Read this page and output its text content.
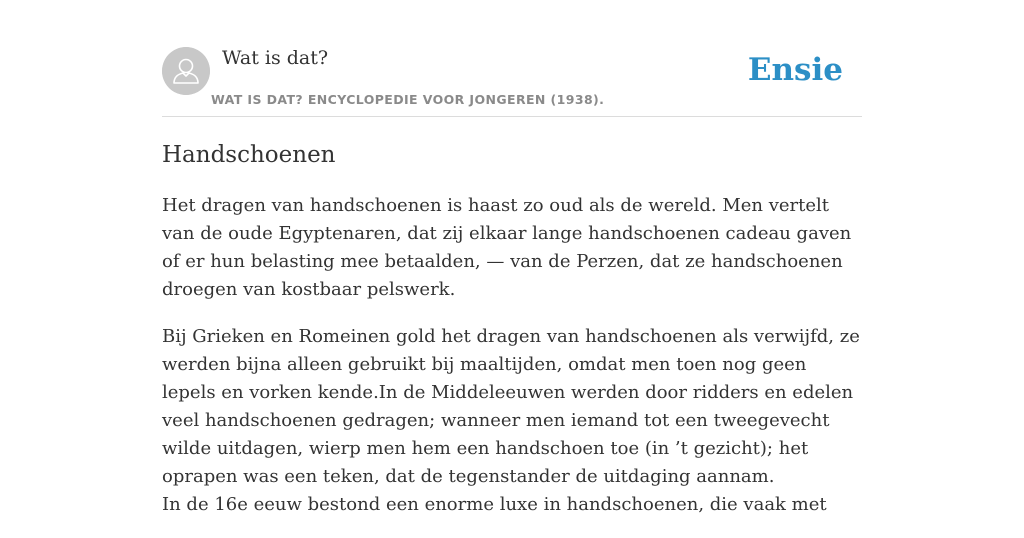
Wat is dat?
WAT IS DAT? ENCYCLOPEDIE VOOR JONGEREN (1938).
Ensie
Handschoenen

Het dragen van handschoenen is haast zo oud als de wereld. Men vertelt van de oude Egyptenaren, dat zij elkaar lange handschoenen cadeau gaven of er hun belasting mee betaalden, — van de Perzen, dat ze handschoenen droegen van kostbaar pelswerk.

Bij Grieken en Romeinen gold het dragen van handschoenen als verwijfd, ze werden bijna alleen gebruikt bij maaltijden, omdat men toen nog geen lepels en vorken kende.In de Middeleeuwen werden door ridders en edelen veel handschoenen gedragen; wanneer men iemand tot een tweegevecht wilde uitdagen, wierp men hem een handschoen toe (in ’t gezicht); het oprapen was een teken, dat de tegenstander de uitdaging aannam.
In de 16e eeuw bestond een enorme luxe in handschoenen, die vaak met
